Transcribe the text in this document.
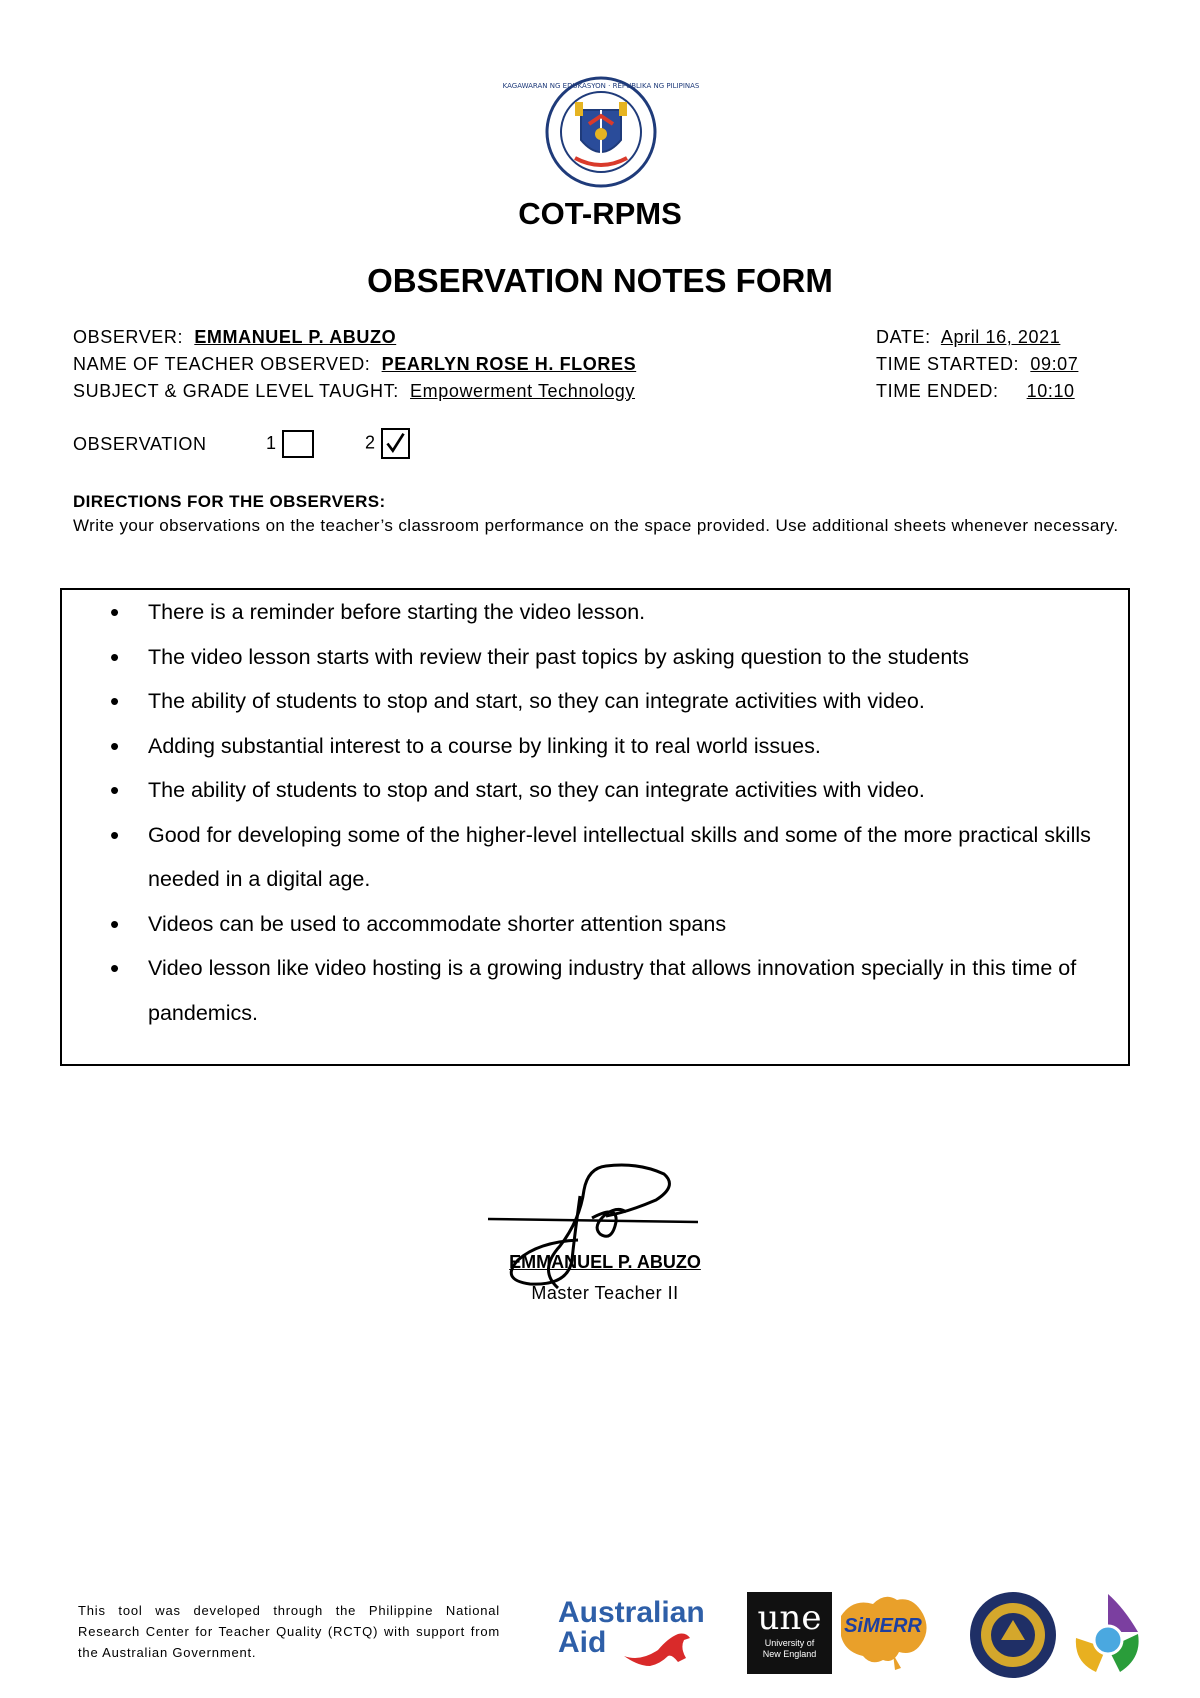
KAGAWARAN NG EDUKASYON · REPUBLIKA NG PILIPINAS
COT-RPMS
OBSERVATION NOTES FORM
OBSERVER: EMMANUEL P. ABUZO
NAME OF TEACHER OBSERVED: PEARLYN ROSE H. FLORES
SUBJECT & GRADE LEVEL TAUGHT: Empowerment Technology
DATE: April 16, 2021
TIME STARTED: 09:07
TIME ENDED: 10:10
OBSERVATION	1	2
DIRECTIONS FOR THE OBSERVERS:
Write your observations on the teacher’s classroom performance on the space provided. Use additional sheets whenever necessary.
• There is a reminder before starting the video lesson.
• The video lesson starts with review their past topics by asking question to the students
• The ability of students to stop and start, so they can integrate activities with video.
• Adding substantial interest to a course by linking it to real world issues.
• The ability of students to stop and start, so they can integrate activities with video.
• Good for developing some of the higher-level intellectual skills and some of the more practical skills needed in a digital age.
• Videos can be used to accommodate shorter attention spans
• Video lesson like video hosting is a growing industry that allows innovation specially in this time of pandemics.
EMMANUEL P. ABUZO
Master Teacher II
This tool was developed through the Philippine National Research Center for Teacher Quality (RCTQ) with support from the Australian Government.
Australian
Aid
une
University of
New England
SiMERR
